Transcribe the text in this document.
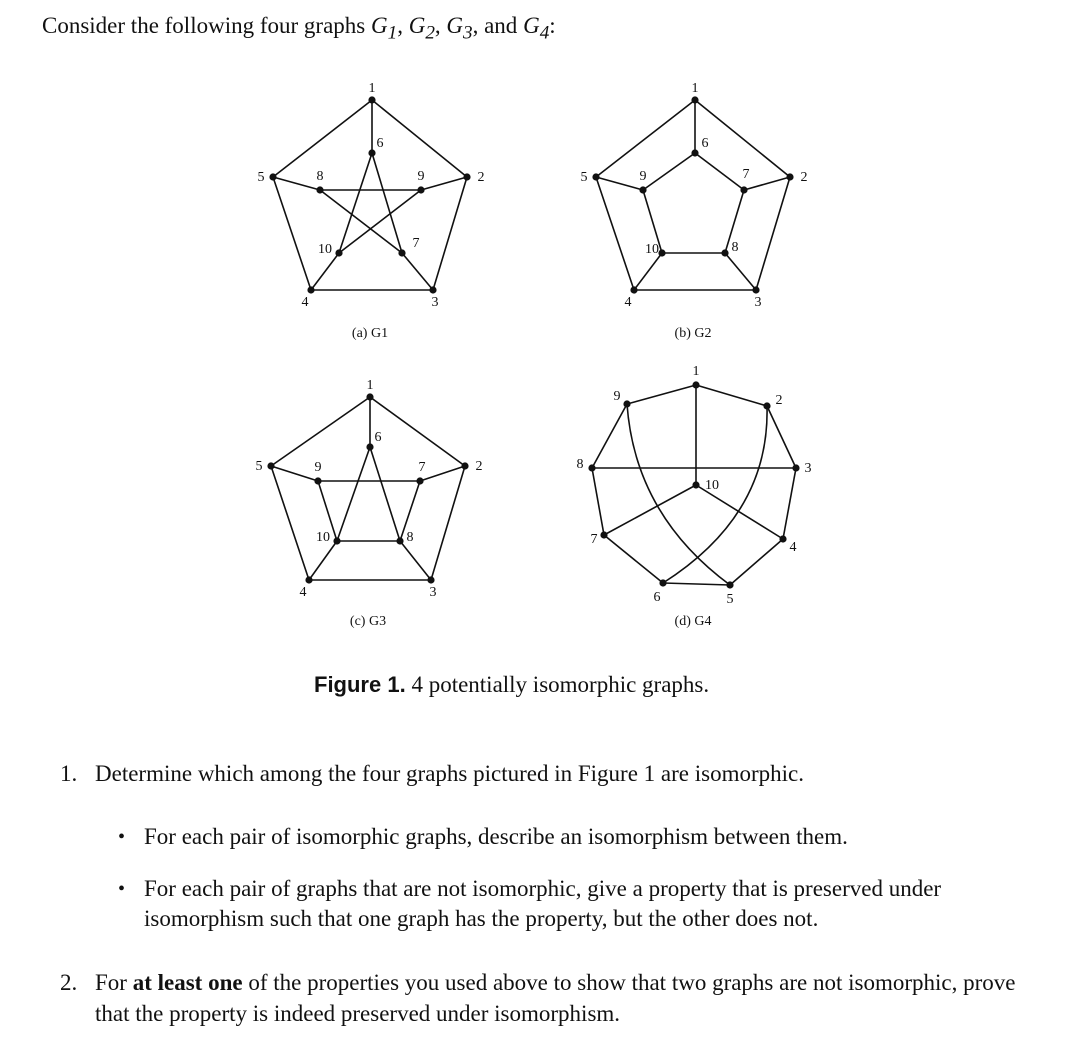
Consider the following four graphs $G_1$, $G_2$, $G_3$, and $G_4$:
1
2
3
4
5
6
7
8	9
10
1
2
3
4
5
6
7
8
9
10
1
2
3
4
5
6
7
8
9
10
1
2
3
4
5
6
7
8
9
10
(a) G1	(b) G2
(c) G3	(d) G4
Figure 1. 4 potentially isomorphic graphs.
1. Determine which among the four graphs pictured in Figure 1 are isomorphic.
• For each pair of isomorphic graphs, describe an isomorphism between them.
• For each pair of graphs that are not isomorphic, give a property that is preserved under isomorphism such that one graph has the property, but the other does not.
2. For at least one of the properties you used above to show that two graphs are not isomorphic, prove that the property is indeed preserved under isomorphism.
